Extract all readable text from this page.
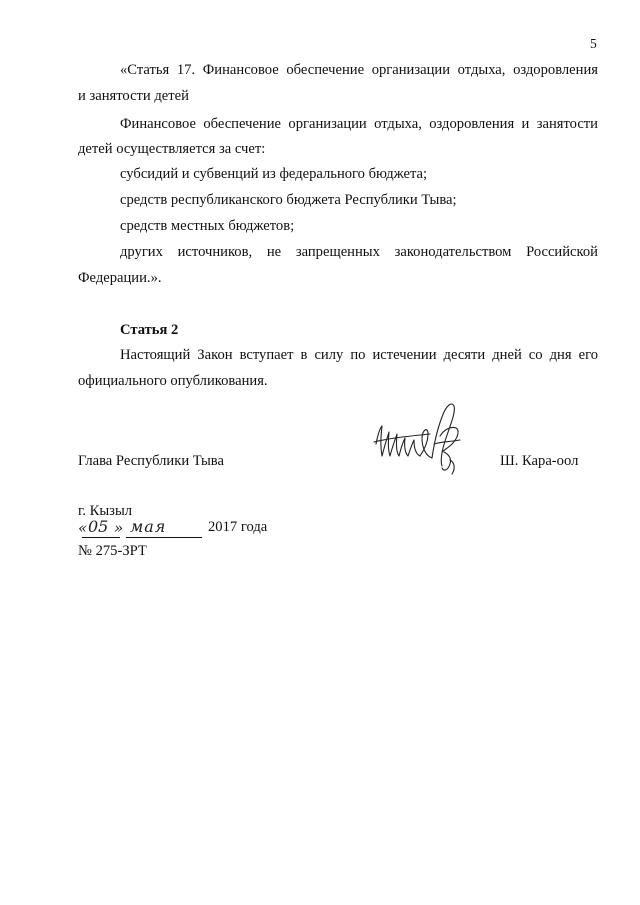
5
«Статья 17. Финансовое обеспечение организации отдыха, оздоровления
и занятости детей
Финансовое обеспечение организации отдыха, оздоровления и занятости
детей осуществляется за счет:
субсидий и субвенций из федерального бюджета;
средств республиканского бюджета Республики Тыва;
средств местных бюджетов;
других источников, не запрещенных законодательством Российской
Федерации.».
Статья 2
Настоящий Закон вступает в силу по истечении десяти дней со дня его
официального опубликования.
Глава Республики Тыва	Ш. Кара-оол
г. Кызыл
« 05 » мая	2017 года
№ 275-ЗРТ
